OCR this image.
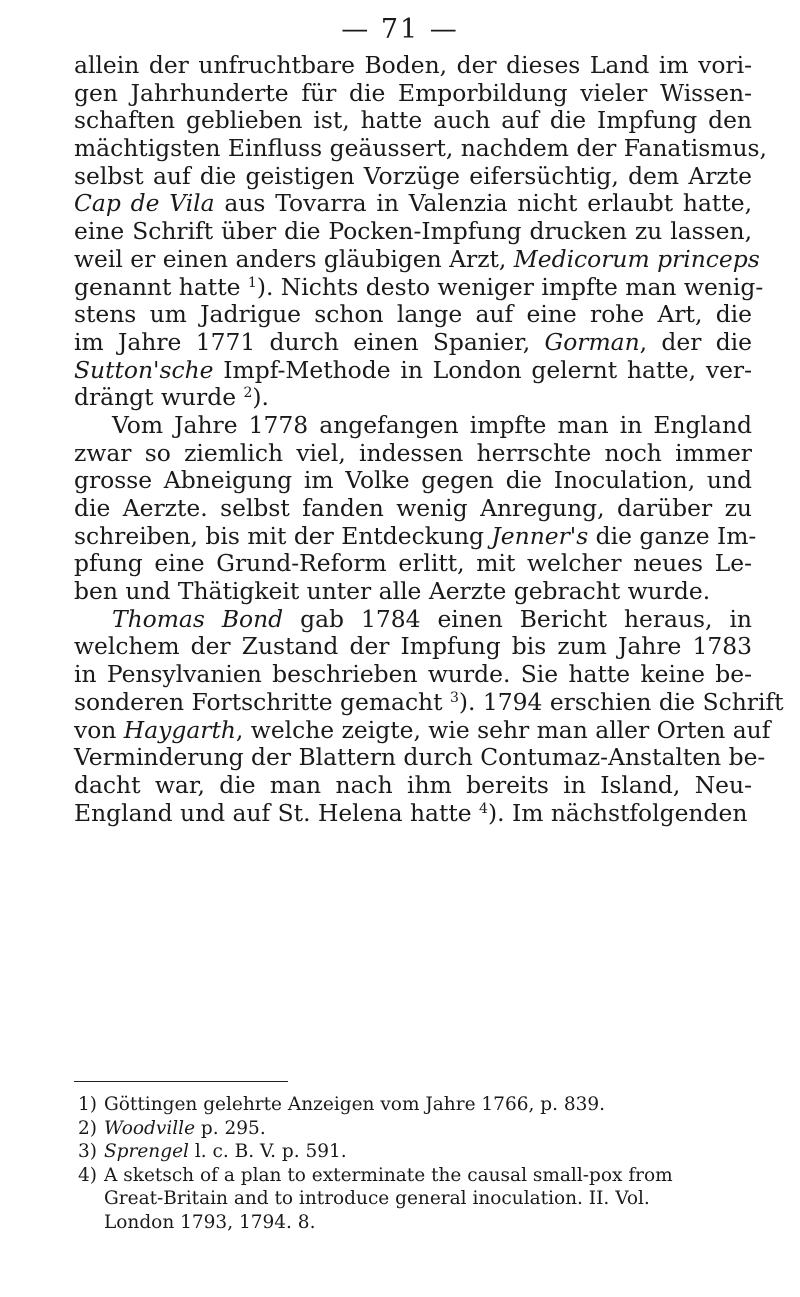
— 71 —
allein der unfruchtbare Boden, der dieses Land im vori-
gen Jahrhunderte für die Emporbildung vieler Wissen-
schaften geblieben ist, hatte auch auf die Impfung den
mächtigsten Einfluss geäussert, nachdem der Fanatismus,
selbst auf die geistigen Vorzüge eifersüchtig, dem Arzte
Cap de Vila aus Tovarra in Valenzia nicht erlaubt hatte,
eine Schrift über die Pocken-Impfung drucken zu lassen,
weil er einen anders gläubigen Arzt, Medicorum princeps
genannt hatte $^1$). Nichts desto weniger impfte man wenig-
stens um Jadrigue schon lange auf eine rohe Art, die
im Jahre 1771 durch einen Spanier, Gorman, der die
Sutton'sche Impf-Methode in London gelernt hatte, ver-
drängt wurde $^2$).
Vom Jahre 1778 angefangen impfte man in England
zwar so ziemlich viel, indessen herrschte noch immer
grosse Abneigung im Volke gegen die Inoculation, und
die Aerzte. selbst fanden wenig Anregung, darüber zu
schreiben, bis mit der Entdeckung Jenner's die ganze Im-
pfung eine Grund-Reform erlitt, mit welcher neues Le-
ben und Thätigkeit unter alle Aerzte gebracht wurde.
Thomas Bond gab 1784 einen Bericht heraus, in
welchem der Zustand der Impfung bis zum Jahre 1783
in Pensylvanien beschrieben wurde. Sie hatte keine be-
sonderen Fortschritte gemacht $^3$). 1794 erschien die Schrift
von Haygarth, welche zeigte, wie sehr man aller Orten auf
Verminderung der Blattern durch Contumaz-Anstalten be-
dacht war, die man nach ihm bereits in Island, Neu-
England und auf St. Helena hatte $^4$). Im nächstfolgenden
1) Göttingen gelehrte Anzeigen vom Jahre 1766, p. 839.
2) Woodville p. 295.
3) Sprengel l. c. B. V. p. 591.
4) A sketsch of a plan to exterminate the causal small-pox from
Great-Britain and to introduce general inoculation. II. Vol.
London 1793, 1794. 8.
